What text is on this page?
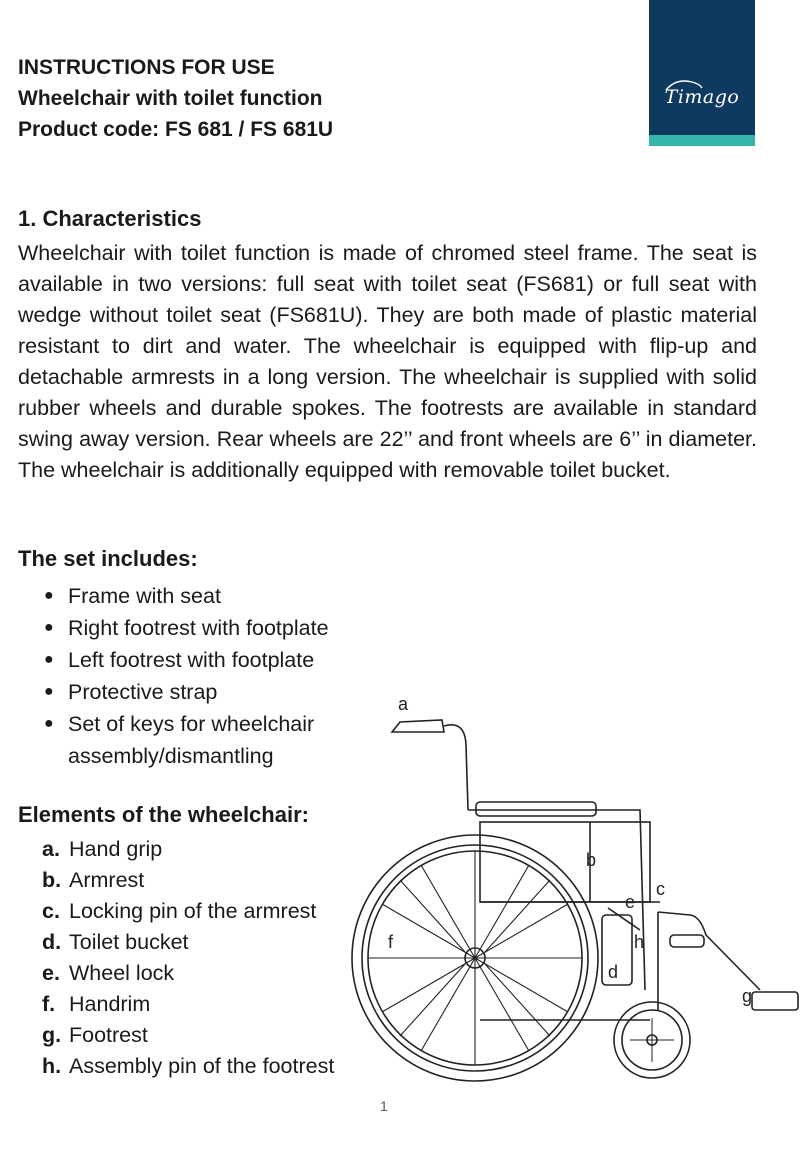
INSTRUCTIONS FOR USE
Wheelchair with toilet function
Product code: FS 681 / FS 681U
Timago
1. Characteristics
Wheelchair with toilet function is made of chromed steel frame. The seat is available in two versions: full seat with toilet seat (FS681) or full seat with wedge without toilet seat (FS681U). They are both made of plastic material resistant to dirt and water. The wheelchair is equipped with flip-up and detachable armrests in a long version. The wheelchair is supplied with solid rubber wheels and durable spokes. The footrests are available in standard swing away version. Rear wheels are 22’’ and front wheels are 6’’ in diameter. The wheelchair is additionally equipped with removable toilet bucket.
The set includes:
● Frame with seat
● Right footrest with footplate
● Left footrest with footplate
● Protective strap
● Set of keys for wheelchair assembly/dismantling
Elements of the wheelchair:
a. Hand grip
b. Armrest
c. Locking pin of the armrest
d. Toilet bucket
e. Wheel lock
f. Handrim
g. Footrest
h. Assembly pin of the footrest
a
b
c
d
e
f
g
h
1
